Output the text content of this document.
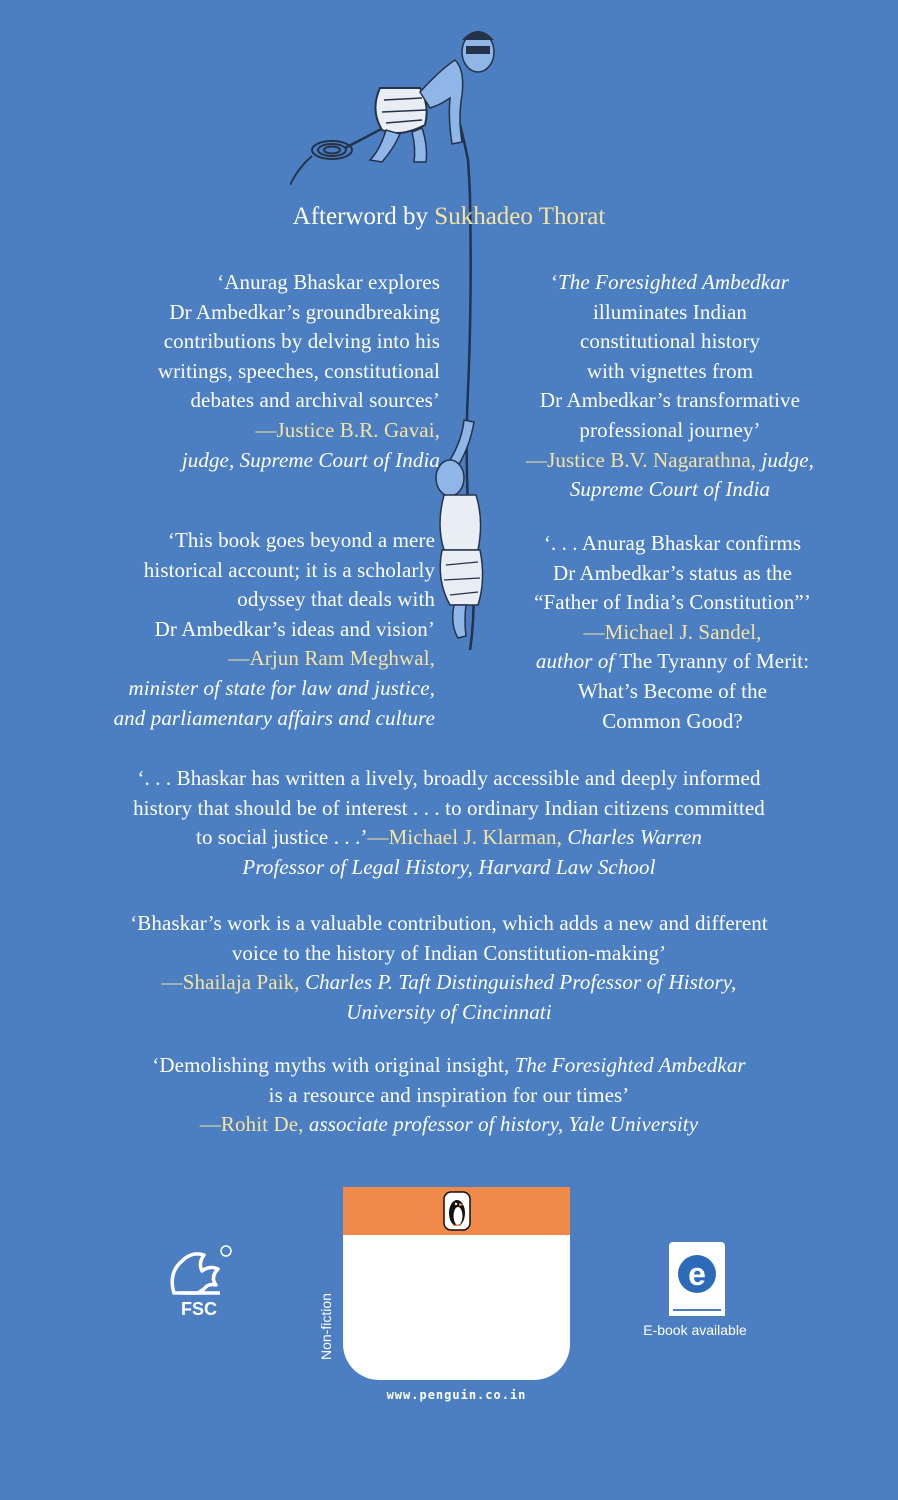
Afterword by Sukhadeo Thorat
‘Anurag Bhaskar explores
Dr Ambedkar’s groundbreaking
contributions by delving into his
writings, speeches, constitutional
debates and archival sources’
—Justice B.R. Gavai,
judge, Supreme Court of India
‘The Foresighted Ambedkar
illuminates Indian
constitutional history
with vignettes from
Dr Ambedkar’s transformative
professional journey’
—Justice B.V. Nagarathna, judge,
Supreme Court of India
‘This book goes beyond a mere
historical account; it is a scholarly
odyssey that deals with
Dr Ambedkar’s ideas and vision’
—Arjun Ram Meghwal,
minister of state for law and justice,
and parliamentary affairs and culture
‘. . . Anurag Bhaskar confirms
Dr Ambedkar’s status as the
“Father of India’s Constitution”’
—Michael J. Sandel,
author of The Tyranny of Merit:
What’s Become of the
Common Good?
‘. . . Bhaskar has written a lively, broadly accessible and deeply informed
history that should be of interest . . . to ordinary Indian citizens committed
to social justice . . .’—Michael J. Klarman, Charles Warren
Professor of Legal History, Harvard Law School
‘Bhaskar’s work is a valuable contribution, which adds a new and different
voice to the history of Indian Constitution-making’
—Shailaja Paik, Charles P. Taft Distinguished Professor of History,
University of Cincinnati
‘Demolishing myths with original insight, The Foresighted Ambedkar
is a resource and inspiration for our times’
—Rohit De, associate professor of history, Yale University
FSC	Non-fiction
www.penguin.co.in
e
E-book available
